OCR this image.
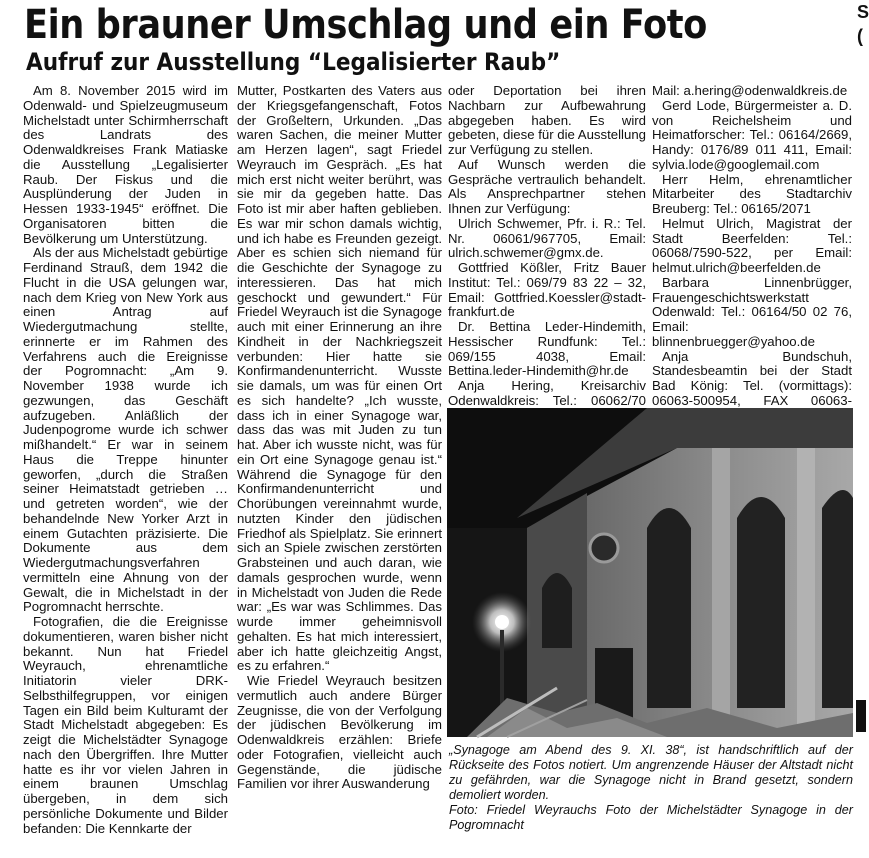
Ein brauner Umschlag und ein Foto
Aufruf zur Ausstellung “Legalisierter Raub”

Am 8. November 2015 wird im Odenwald- und Spielzeugmuseum Michelstadt unter Schirmherrschaft des Landrats des Odenwaldkreises Frank Matiaske die Ausstellung „Legalisierter Raub. Der Fiskus und die Ausplünderung der Juden in Hessen 1933-1945“ eröffnet. Die Organisatoren bitten die Bevölkerung um Unterstützung.

Als der aus Michelstadt gebürtige Ferdinand Strauß, dem 1942 die Flucht in die USA gelungen war, nach dem Krieg von New York aus einen Antrag auf Wiedergutmachung stellte, erinnerte er im Rahmen des Verfahrens auch die Ereignisse der Pogromnacht: „Am 9. November 1938 wurde ich gezwungen, das Geschäft aufzugeben. Anläßlich der Judenpogrome wurde ich schwer mißhandelt.“ Er war in seinem Haus die Treppe hinunter geworfen, „durch die Straßen seiner Heimatstadt getrieben … und getreten worden“, wie der behandelnde New Yorker Arzt in einem Gutachten präzisierte. Die Dokumente aus dem Wiedergutmachungsverfahren vermitteln eine Ahnung von der Gewalt, die in Michelstadt in der Pogromnacht herrschte.

Fotografien, die die Ereignisse dokumentieren, waren bisher nicht bekannt. Nun hat Friedel Weyrauch, ehrenamtliche Initiatorin vieler DRK-Selbsthilfegruppen, vor einigen Tagen ein Bild beim Kulturamt der Stadt Michelstadt abgegeben: Es zeigt die Michelstädter Synagoge nach den Übergriffen. Ihre Mutter hatte es ihr vor vielen Jahren in einem braunen Umschlag übergeben, in dem sich persönliche Dokumente und Bilder befanden: Die Kennkarte der

Mutter, Postkarten des Vaters aus der Kriegsgefangenschaft, Fotos der Großeltern, Urkunden. „Das waren Sachen, die meiner Mutter am Herzen lagen“, sagt Friedel Weyrauch im Gespräch. „Es hat mich erst nicht weiter berührt, was sie mir da gegeben hatte. Das Foto ist mir aber haften geblieben. Es war mir schon damals wichtig, und ich habe es Freunden gezeigt. Aber es schien sich niemand für die Geschichte der Synagoge zu interessieren. Das hat mich geschockt und gewundert.“ Für Friedel Weyrauch ist die Synagoge auch mit einer Erinnerung an ihre Kindheit in der Nachkriegszeit verbunden: Hier hatte sie Konfirmandenunterricht. Wusste sie damals, um was für einen Ort es sich handelte? „Ich wusste, dass ich in einer Synagoge war, dass das was mit Juden zu tun hat. Aber ich wusste nicht, was für ein Ort eine Synagoge genau ist.“ Während die Synagoge für den Konfirmandenunterricht und Chorübungen vereinnahmt wurde, nutzten Kinder den jüdischen Friedhof als Spielplatz. Sie erinnert sich an Spiele zwischen zerstörten Grabsteinen und auch daran, wie damals gesprochen wurde, wenn in Michelstadt von Juden die Rede war: „Es war was Schlimmes. Das wurde immer geheimnisvoll gehalten. Es hat mich interessiert, aber ich hatte gleichzeitig Angst, es zu erfahren.“

Wie Friedel Weyrauch besitzen vermutlich auch andere Bürger Zeugnisse, die von der Verfolgung der jüdischen Bevölkerung im Odenwaldkreis erzählen: Briefe oder Fotografien, vielleicht auch Gegenstände, die jüdische Familien vor ihrer Auswanderung

oder Deportation bei ihren Nachbarn zur Aufbewahrung abgegeben haben. Es wird gebeten, diese für die Ausstellung zur Verfügung zu stellen.

Auf Wunsch werden die Gespräche vertraulich behandelt. Als Ansprechpartner stehen Ihnen zur Verfügung:

Ulrich Schwemer, Pfr. i. R.: Tel. Nr. 06061/967705, Email: ulrich.schwemer@gmx.de.

Gottfried Kößler, Fritz Bauer Institut: Tel.: 069/79 83 22 – 32, Email: Gottfried.Koessler@stadt-frankfurt.de

Dr. Bettina Leder-Hindemith, Hessischer Rundfunk: Tel.: 069/155 4038, Email: Bettina.leder-Hindemith@hr.de

Anja Hering, Kreisarchiv Odenwaldkreis: Tel.: 06062/70

Mail: a.hering@odenwaldkreis.de

Gerd Lode, Bürgermeister a. D. von Reichelsheim und Heimatforscher: Tel.: 06164/2669, Handy: 0176/89 011 411, Email: sylvia.lode@googlemail.com

Herr Helm, ehrenamtlicher Mitarbeiter des Stadtarchiv Breuberg: Tel.: 06165/2071

Helmut Ulrich, Magistrat der Stadt Beerfelden: Tel.: 06068/7590-522, per Email: helmut.ulrich@beerfelden.de

Barbara Linnenbrügger, Frauengeschichtswerkstatt Odenwald: Tel.: 06164/50 02 76, Email: blinnenbruegger@yahoo.de

Anja Bundschuh, Standesbeamtin bei der Stadt Bad König: Tel. (vormittags): 06063-500954, FAX 06063-

„Synagoge am Abend des 9. XI. 38“, ist handschriftlich auf der Rückseite des Fotos notiert. Um angrenzende Häuser der Altstadt nicht zu gefährden, war die Synagoge nicht in Brand gesetzt, sondern demoliert worden.

Foto: Friedel Weyrauchs Foto der Michelstädter Synagoge in der Pogromnacht

S
(
